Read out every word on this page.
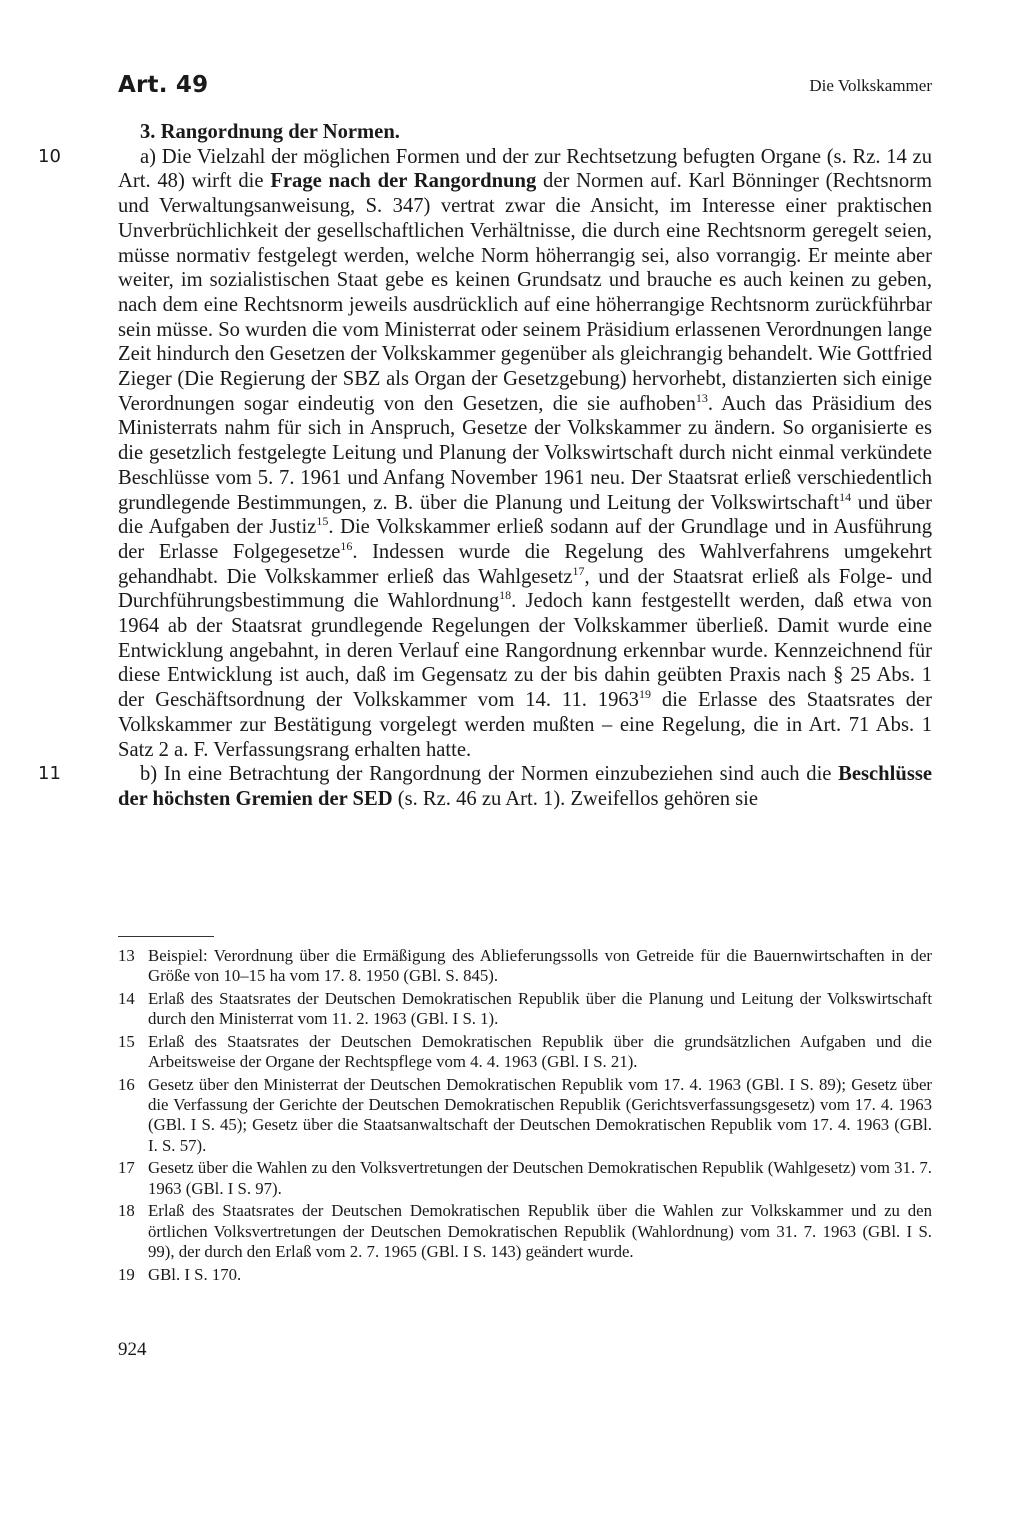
Art. 49	Die Volkskammer

3. Rangordnung der Normen.

10	a) Die Vielzahl der möglichen Formen und der zur Rechtsetzung befugten Organe (s. Rz. 14 zu Art. 48) wirft die Frage nach der Rangordnung der Normen auf. Karl Bönninger (Rechtsnorm und Verwaltungsanweisung, S. 347) vertrat zwar die Ansicht, im Interesse einer praktischen Unverbrüchlichkeit der gesellschaftlichen Verhältnisse, die durch eine Rechtsnorm geregelt seien, müsse normativ festgelegt werden, welche Norm höherrangig sei, also vorrangig. Er meinte aber weiter, im sozialistischen Staat gebe es keinen Grundsatz und brauche es auch keinen zu geben, nach dem eine Rechtsnorm jeweils ausdrücklich auf eine höherrangige Rechtsnorm zurückführbar sein müsse. So wurden die vom Ministerrat oder seinem Präsidium erlassenen Verordnungen lange Zeit hindurch den Gesetzen der Volkskammer gegenüber als gleichrangig behandelt. Wie Gottfried Zieger (Die Regierung der SBZ als Organ der Gesetzgebung) hervorhebt, distanzierten sich einige Verordnungen sogar eindeutig von den Gesetzen, die sie aufhoben$^{13}$. Auch das Präsidium des Ministerrats nahm für sich in Anspruch, Gesetze der Volkskammer zu ändern. So organisierte es die gesetzlich festgelegte Leitung und Planung der Volkswirtschaft durch nicht einmal verkündete Beschlüsse vom 5. 7. 1961 und Anfang November 1961 neu. Der Staatsrat erließ verschiedentlich grundlegende Bestimmungen, z. B. über die Planung und Leitung der Volkswirtschaft$^{14}$ und über die Aufgaben der Justiz$^{15}$. Die Volkskammer erließ sodann auf der Grundlage und in Ausführung der Erlasse Folgegesetze$^{16}$. Indessen wurde die Regelung des Wahlverfahrens umgekehrt gehandhabt. Die Volkskammer erließ das Wahlgesetz$^{17}$, und der Staatsrat erließ als Folge- und Durchführungsbestimmung die Wahlordnung$^{18}$. Jedoch kann festgestellt werden, daß etwa von 1964 ab der Staatsrat grundlegende Regelungen der Volkskammer überließ. Damit wurde eine Entwicklung angebahnt, in deren Verlauf eine Rangordnung erkennbar wurde. Kennzeichnend für diese Entwicklung ist auch, daß im Gegensatz zu der bis dahin geübten Praxis nach § 25 Abs. 1 der Geschäftsordnung der Volkskammer vom 14. 11. 1963$^{19}$ die Erlasse des Staatsrates der Volkskammer zur Bestätigung vorgelegt werden mußten – eine Regelung, die in Art. 71 Abs. 1 Satz 2 a. F. Verfassungsrang erhalten hatte.

11	b) In eine Betrachtung der Rangordnung der Normen einzubeziehen sind auch die Beschlüsse der höchsten Gremien der SED (s. Rz. 46 zu Art. 1). Zweifellos gehören sie

13 Beispiel: Verordnung über die Ermäßigung des Ablieferungssolls von Getreide für die Bauernwirtschaften in der Größe von 10–15 ha vom 17. 8. 1950 (GBl. S. 845).
14 Erlaß des Staatsrates der Deutschen Demokratischen Republik über die Planung und Leitung der Volkswirtschaft durch den Ministerrat vom 11. 2. 1963 (GBl. I S. 1).
15 Erlaß des Staatsrates der Deutschen Demokratischen Republik über die grundsätzlichen Aufgaben und die Arbeitsweise der Organe der Rechtspflege vom 4. 4. 1963 (GBl. I S. 21).
16 Gesetz über den Ministerrat der Deutschen Demokratischen Republik vom 17. 4. 1963 (GBl. I S. 89); Gesetz über die Verfassung der Gerichte der Deutschen Demokratischen Republik (Gerichtsverfassungsgesetz) vom 17. 4. 1963 (GBl. I S. 45); Gesetz über die Staatsanwaltschaft der Deutschen Demokratischen Republik vom 17. 4. 1963 (GBl. I. S. 57).
17 Gesetz über die Wahlen zu den Volksvertretungen der Deutschen Demokratischen Republik (Wahlgesetz) vom 31. 7. 1963 (GBl. I S. 97).
18 Erlaß des Staatsrates der Deutschen Demokratischen Republik über die Wahlen zur Volkskammer und zu den örtlichen Volksvertretungen der Deutschen Demokratischen Republik (Wahlordnung) vom 31. 7. 1963 (GBl. I S. 99), der durch den Erlaß vom 2. 7. 1965 (GBl. I S. 143) geändert wurde.
19 GBl. I S. 170.
924
